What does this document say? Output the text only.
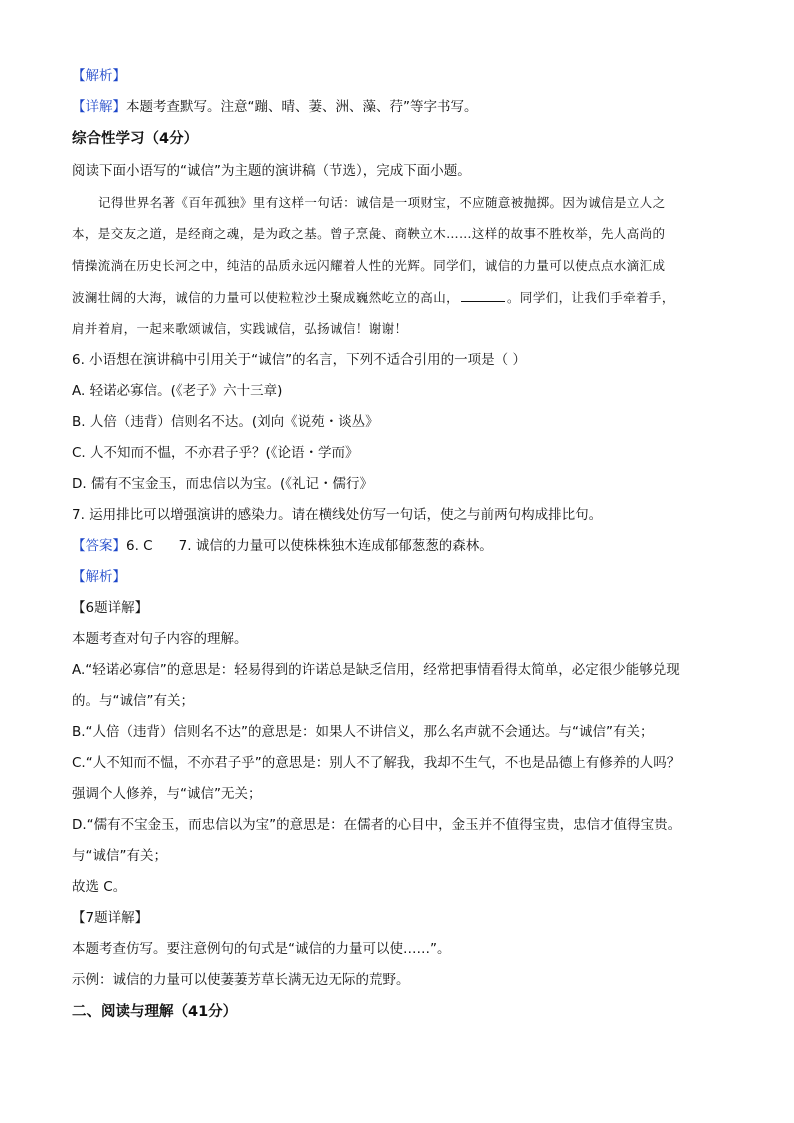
【解析】
【详解】本题考查默写。注意“蹦、晴、萋、洲、藻、荇”等字书写。
综合性学习（4分）
阅读下面小语写的“诚信”为主题的演讲稿（节选），完成下面小题。
记得世界名著《百年孤独》里有这样一句话：诚信是一项财宝，不应随意被抛掷。因为诚信是立人之
本，是交友之道，是经商之魂，是为政之基。曾子烹彘、商鞅立木……这样的故事不胜枚举，先人高尚的
情操流淌在历史长河之中，纯洁的品质永远闪耀着人性的光辉。同学们，诚信的力量可以使点点水滴汇成
波澜壮阔的大海，诚信的力量可以使粒粒沙土聚成巍然屹立的高山，	。同学们，让我们手牵着手，
肩并着肩，一起来歌颂诚信，实践诚信，弘扬诚信！谢谢！
6. 小语想在演讲稿中引用关于“诚信”的名言，下列不适合引用的一项是（ ）
A. 轻诺必寡信。(《老子》六十三章)
B. 人倍（违背）信则名不达。(刘向《说苑・谈丛》
C. 人不知而不愠，不亦君子乎？(《论语・学而》
D. 儒有不宝金玉，而忠信以为宝。(《礼记・儒行》
7. 运用排比可以增强演讲的感染力。请在横线处仿写一句话，使之与前两句构成排比句。
【答案】6. C 7. 诚信的力量可以使株株独木连成郁郁葱葱的森林。
【解析】
【6题详解】
本题考查对句子内容的理解。
A.“轻诺必寡信”的意思是：轻易得到的许诺总是缺乏信用，经常把事情看得太简单，必定很少能够兑现
的。与“诚信”有关；
B.“人倍（违背）信则名不达”的意思是：如果人不讲信义，那么名声就不会通达。与“诚信”有关；
C.“人不知而不愠，不亦君子乎”的意思是：别人不了解我，我却不生气，不也是品德上有修养的人吗？
强调个人修养，与“诚信”无关；
D.“儒有不宝金玉，而忠信以为宝”的意思是：在儒者的心目中，金玉并不值得宝贵，忠信才值得宝贵。
与“诚信”有关；
故选 C。
【7题详解】
本题考查仿写。要注意例句的句式是“诚信的力量可以使……”。
示例：诚信的力量可以使萋萋芳草长满无边无际的荒野。
二、阅读与理解（41分）
